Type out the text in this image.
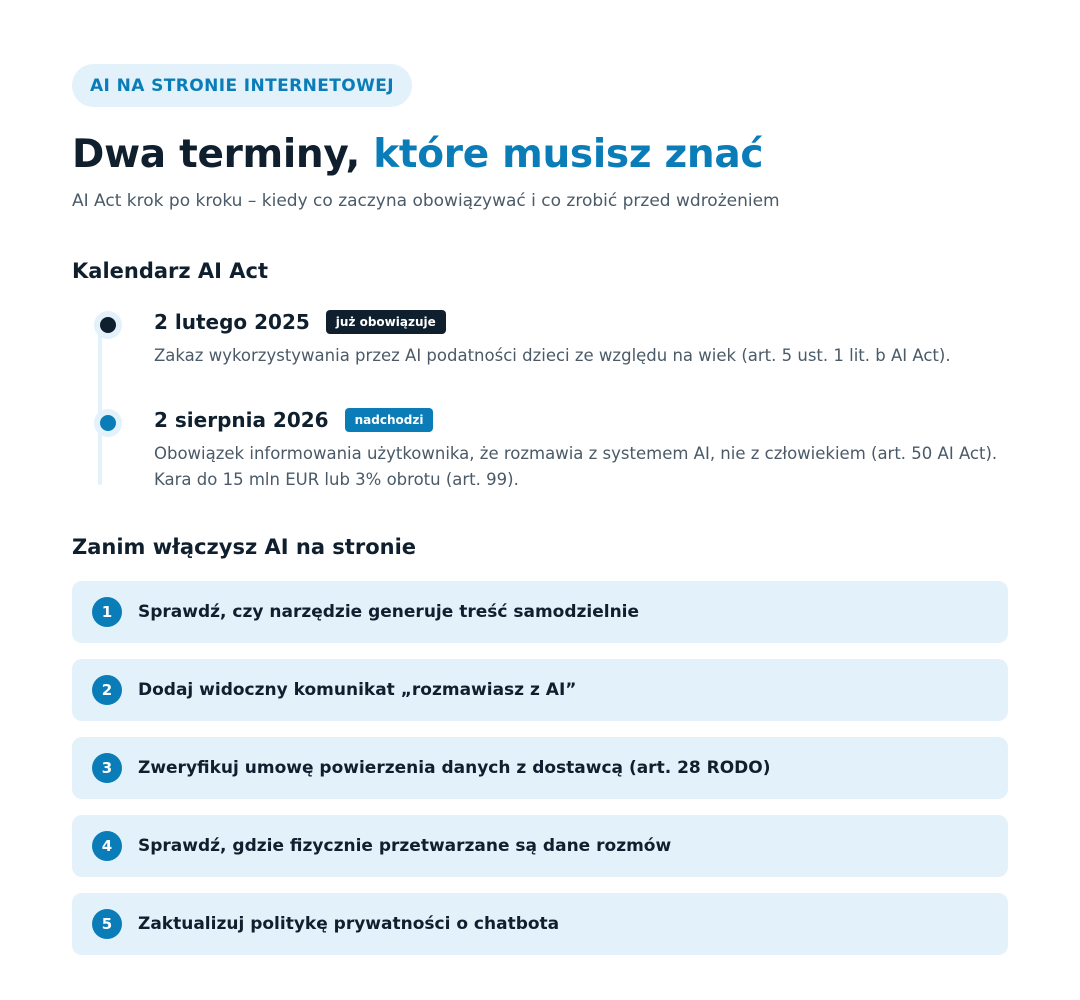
AI NA STRONIE INTERNETOWEJ
Dwa terminy, które musisz znać
AI Act krok po kroku – kiedy co zaczyna obowiązywać i co zrobić przed wdrożeniem
Kalendarz AI Act
2 lutego 2025	już obowiązuje
Zakaz wykorzystywania przez AI podatności dzieci ze względu na wiek (art. 5 ust. 1 lit. b AI Act).
2 sierpnia 2026	nadchodzi
Obowiązek informowania użytkownika, że rozmawia z systemem AI, nie z człowiekiem (art. 50 AI Act).
Kara do 15 mln EUR lub 3% obrotu (art. 99).
Zanim włączysz AI na stronie
1	Sprawdź, czy narzędzie generuje treść samodzielnie
2	Dodaj widoczny komunikat „rozmawiasz z AI”
3	Zweryfikuj umowę powierzenia danych z dostawcą (art. 28 RODO)
4	Sprawdź, gdzie fizycznie przetwarzane są dane rozmów
5	Zaktualizuj politykę prywatności o chatbota
